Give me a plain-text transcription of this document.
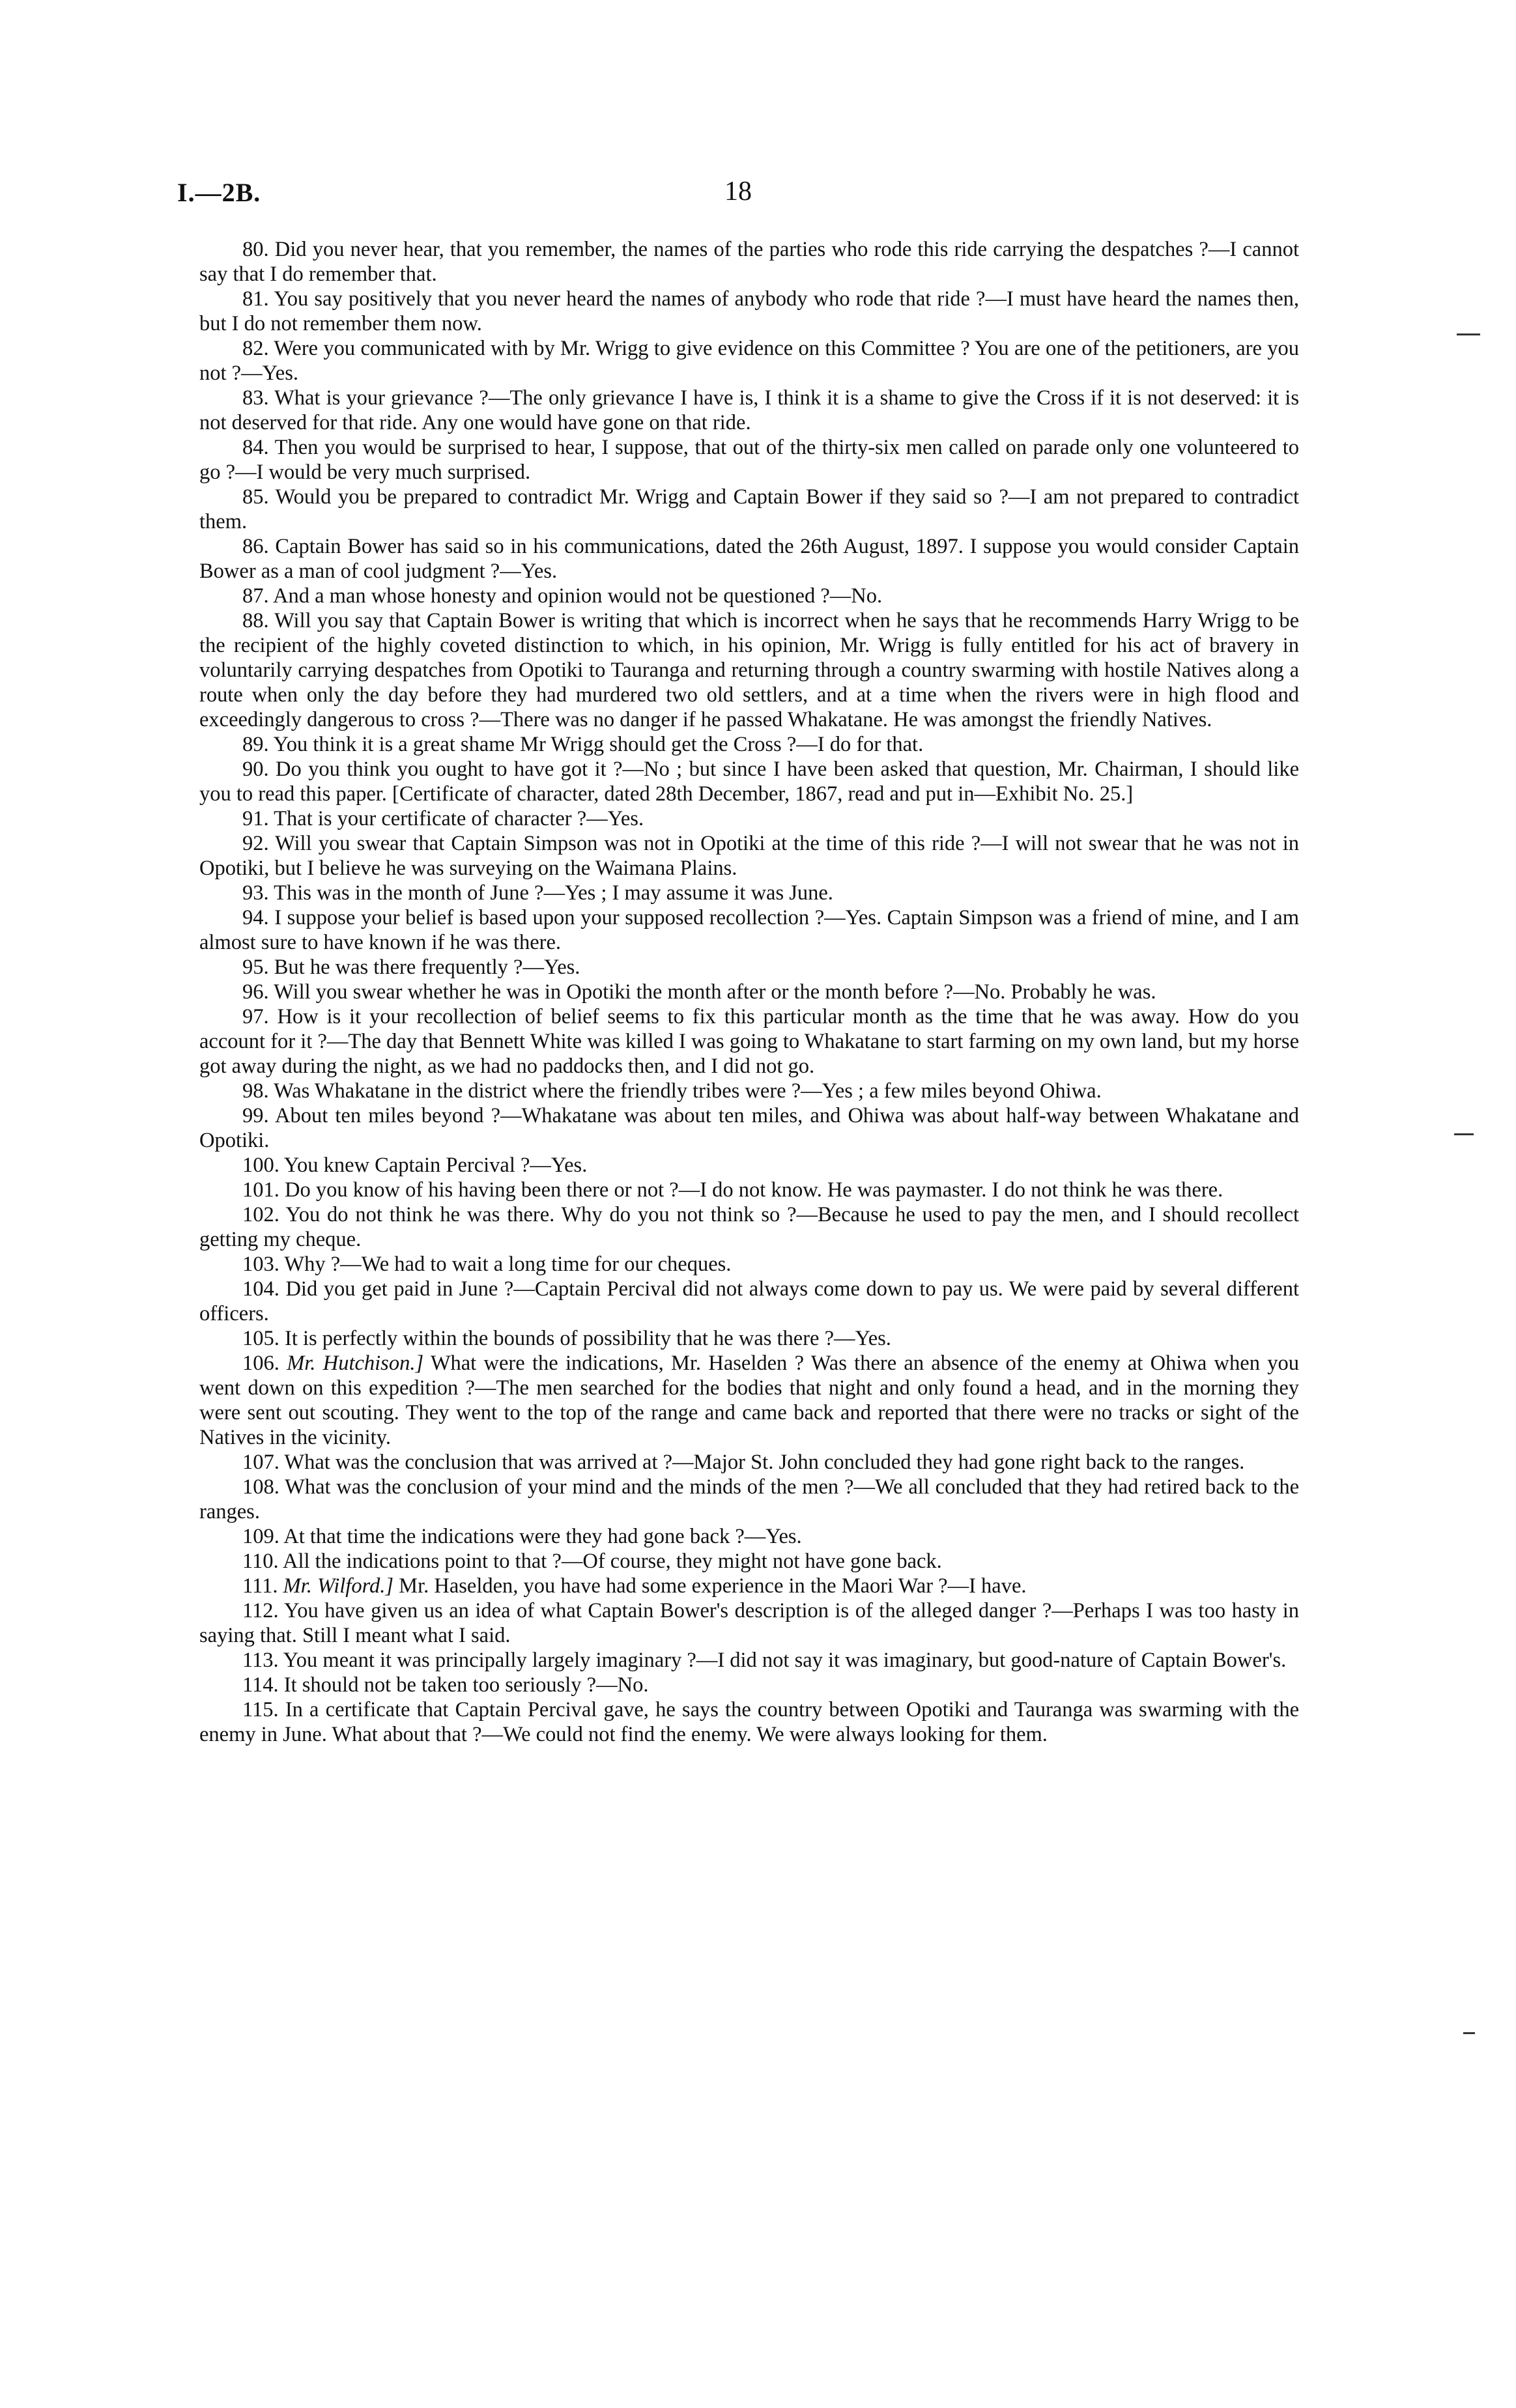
I.—2B.	18

80. Did you never hear, that you remember, the names of the parties who rode this ride carrying the despatches ?—I cannot say that I do remember that.

81. You say positively that you never heard the names of anybody who rode that ride ?—I must have heard the names then, but I do not remember them now.

82. Were you communicated with by Mr. Wrigg to give evidence on this Committee ? You are one of the petitioners, are you not ?—Yes.

83. What is your grievance ?—The only grievance I have is, I think it is a shame to give the Cross if it is not deserved: it is not deserved for that ride. Any one would have gone on that ride.

84. Then you would be surprised to hear, I suppose, that out of the thirty-six men called on parade only one volunteered to go ?—I would be very much surprised.

85. Would you be prepared to contradict Mr. Wrigg and Captain Bower if they said so ?—I am not prepared to contradict them.

86. Captain Bower has said so in his communications, dated the 26th August, 1897. I suppose you would consider Captain Bower as a man of cool judgment ?—Yes.

87. And a man whose honesty and opinion would not be questioned ?—No.

88. Will you say that Captain Bower is writing that which is incorrect when he says that he recommends Harry Wrigg to be the recipient of the highly coveted distinction to which, in his opinion, Mr. Wrigg is fully entitled for his act of bravery in voluntarily carrying despatches from Opotiki to Tauranga and returning through a country swarming with hostile Natives along a route when only the day before they had murdered two old settlers, and at a time when the rivers were in high flood and exceedingly dangerous to cross ?—There was no danger if he passed Whakatane. He was amongst the friendly Natives.

89. You think it is a great shame Mr Wrigg should get the Cross ?—I do for that.

90. Do you think you ought to have got it ?—No ; but since I have been asked that question, Mr. Chairman, I should like you to read this paper. [Certificate of character, dated 28th December, 1867, read and put in—Exhibit No. 25.]

91. That is your certificate of character ?—Yes.

92. Will you swear that Captain Simpson was not in Opotiki at the time of this ride ?—I will not swear that he was not in Opotiki, but I believe he was surveying on the Waimana Plains.

93. This was in the month of June ?—Yes ; I may assume it was June.

94. I suppose your belief is based upon your supposed recollection ?—Yes. Captain Simpson was a friend of mine, and I am almost sure to have known if he was there.

95. But he was there frequently ?—Yes.

96. Will you swear whether he was in Opotiki the month after or the month before ?—No. Probably he was.

97. How is it your recollection of belief seems to fix this particular month as the time that he was away. How do you account for it ?—The day that Bennett White was killed I was going to Whakatane to start farming on my own land, but my horse got away during the night, as we had no paddocks then, and I did not go.

98. Was Whakatane in the district where the friendly tribes were ?—Yes ; a few miles beyond Ohiwa.

99. About ten miles beyond ?—Whakatane was about ten miles, and Ohiwa was about half-way between Whakatane and Opotiki.

100. You knew Captain Percival ?—Yes.

101. Do you know of his having been there or not ?—I do not know. He was paymaster. I do not think he was there.

102. You do not think he was there. Why do you not think so ?—Because he used to pay the men, and I should recollect getting my cheque.

103. Why ?—We had to wait a long time for our cheques.

104. Did you get paid in June ?—Captain Percival did not always come down to pay us. We were paid by several different officers.

105. It is perfectly within the bounds of possibility that he was there ?—Yes.

106. Mr. Hutchison.] What were the indications, Mr. Haselden ? Was there an absence of the enemy at Ohiwa when you went down on this expedition ?—The men searched for the bodies that night and only found a head, and in the morning they were sent out scouting. They went to the top of the range and came back and reported that there were no tracks or sight of the Natives in the vicinity.

107. What was the conclusion that was arrived at ?—Major St. John concluded they had gone right back to the ranges.

108. What was the conclusion of your mind and the minds of the men ?—We all concluded that they had retired back to the ranges.

109. At that time the indications were they had gone back ?—Yes.

110. All the indications point to that ?—Of course, they might not have gone back.

111. Mr. Wilford.] Mr. Haselden, you have had some experience in the Maori War ?—I have.

112. You have given us an idea of what Captain Bower's description is of the alleged danger ?—Perhaps I was too hasty in saying that. Still I meant what I said.

113. You meant it was principally largely imaginary ?—I did not say it was imaginary, but good-nature of Captain Bower's.

114. It should not be taken too seriously ?—No.

115. In a certificate that Captain Percival gave, he says the country between Opotiki and Tauranga was swarming with the enemy in June. What about that ?—We could not find the enemy. We were always looking for them.
